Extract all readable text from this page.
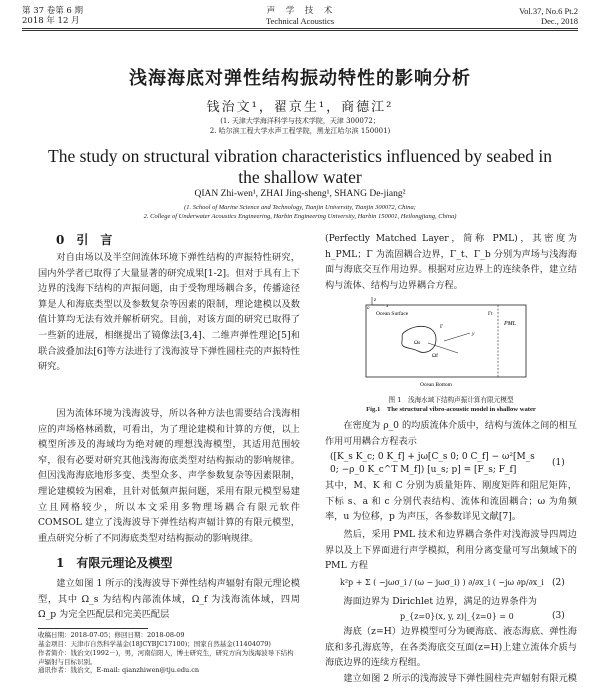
第 37 卷第 6 期
2018 年 12 月
声　学　技　术
Technical Acoustics
Vol.37, No.6 Pt.2
Dec., 2018
浅海海底对弹性结构振动特性的影响分析
钱治文¹，翟京生¹，商德江²
(1. 天津大学海洋科学与技术学院，天津 300072；
2. 哈尔滨工程大学水声工程学院，黑龙江哈尔滨 150001)
The study on structural vibration characteristics influenced by seabed in the shallow water
QIAN Zhi-wen¹, ZHAI Jing-sheng¹, SHANG De-jiang²
(1. School of Marine Science and Technology, Tianjin University, Tianjin 300072, China;
2. College of Underwater Acoustics Engineering, Harbin Engineering University, Harbin 150001, Heilongjiang, China)
0　引　言
对自由场以及半空间流体环境下弹性结构的声振特性研究，国内外学者已取得了大量显著的研究成果[1-2]。但对于具有上下边界的浅海下结构的声振问题，由于受物理场耦合多，传播途径算是人和海底类型以及参数复杂等因素的限制，理论建模以及数值计算均无法有效并解析研究。目前，对该方面的研究已取得了一些新的进展，相继提出了镜像法[3,4]、二维声弹性理论[5]和联合波叠加法[6]等方法进行了浅海波导下弹性圆柱壳的声振特性研究。
因为流体环境为浅海波导，所以各种方法也需要结合浅海相应的声场格林函数，可看出，为了理论建模和计算的方便，以上模型所涉及的海域均为绝对硬的理想浅海模型，其适用范围较窄，很有必要对研究其他浅海海底类型对结构振动的影响规律。但因浅海海底地形多变、类型众多、声学参数复杂等因素限制，理论建模较为困难，且针对低频声振问题，采用有限元模型易建立且网格较少，所以本文采用多物理场耦合有限元软件 COMSOL 建立了浅海波导下弹性结构声辐计算的有限元模型，重点研究分析了不同海底类型对结构振动的影响规律。
1　有限元理论及模型
建立如图 1 所示的浅海波导下弹性结构声辐射有限元理论模型，其中 Ω_s 为结构内部流体域，Ω_f 为浅海流体域，四周 Ω_p 为完全匹配层和完美匹配层
收稿日期：2018-07-05；修回日期：2018-08-09
基金项目：天津市自然科学基金(18JCYBJC17100)；国家自然基金(11404079)
作者简介：钱治文(1992－)，男，河南信阳人，博士研究生，研究方向为浅海波导下结构声辐射与目标识别。
通讯作者：钱治文，E-mail: qianzhiwen@tju.edu.cn
(Perfectly Matched Layer，简称 PML)，其密度为 h_PML；Γ 为流固耦合边界，Γ_t、Γ_b 分别为声场与浅海海面与海底交互作用边界。根据对应边界上的连续条件，建立结构与流体、结构与边界耦合方程。
Ocean Surface
Ocean Bottom
PML
Γt
Γ
Ωs
Ωf
x
y
z
o
图 1　浅海水域下结构声振计算有限元模型
Fig.1　The structural vibro-acoustic model in shallow water
在密度为 ρ_0 的均质流体介质中，结构与流体之间的相互作用可用耦合方程表示
([K_s K_c; 0 K_f] + jω[C_s 0; 0 C_f] − ω²[M_s 0; −ρ_0 K_c^T M_f]) [u_s; p] = [F_s; F_f]
(1)
其中，M、K 和 C 分别为质量矩阵、刚度矩阵和阻尼矩阵，下标 s、a 和 c 分别代表结构、流体和流固耦合；ω 为角频率，u 为位移，p 为声压，各参数详见文献[7]。
然后，采用 PML 技术和边界耦合条件对浅海波导四周边界以及上下界面进行声学模拟，利用分离变量可写出频域下的 PML 方程
k²p + Σ ( −jωσ_i / (ω − jωσ_i) ) ∂/∂x_i ( −jω ∂p/∂x_i (2)
海面边界为 Dirichlet 边界，满足的边界条件为
p_{z=0}(x, y, z)|_{z=0} = 0	(3)
海底（z=H）边界模型可分为硬海底、液态海底、弹性海底和多孔海底等，在各类海底交互面(z=H)上建立流体介质与海底边界的连续方程组。
建立如图 2 所示的浅海波导下弹性圆柱壳声辐射有限元模
